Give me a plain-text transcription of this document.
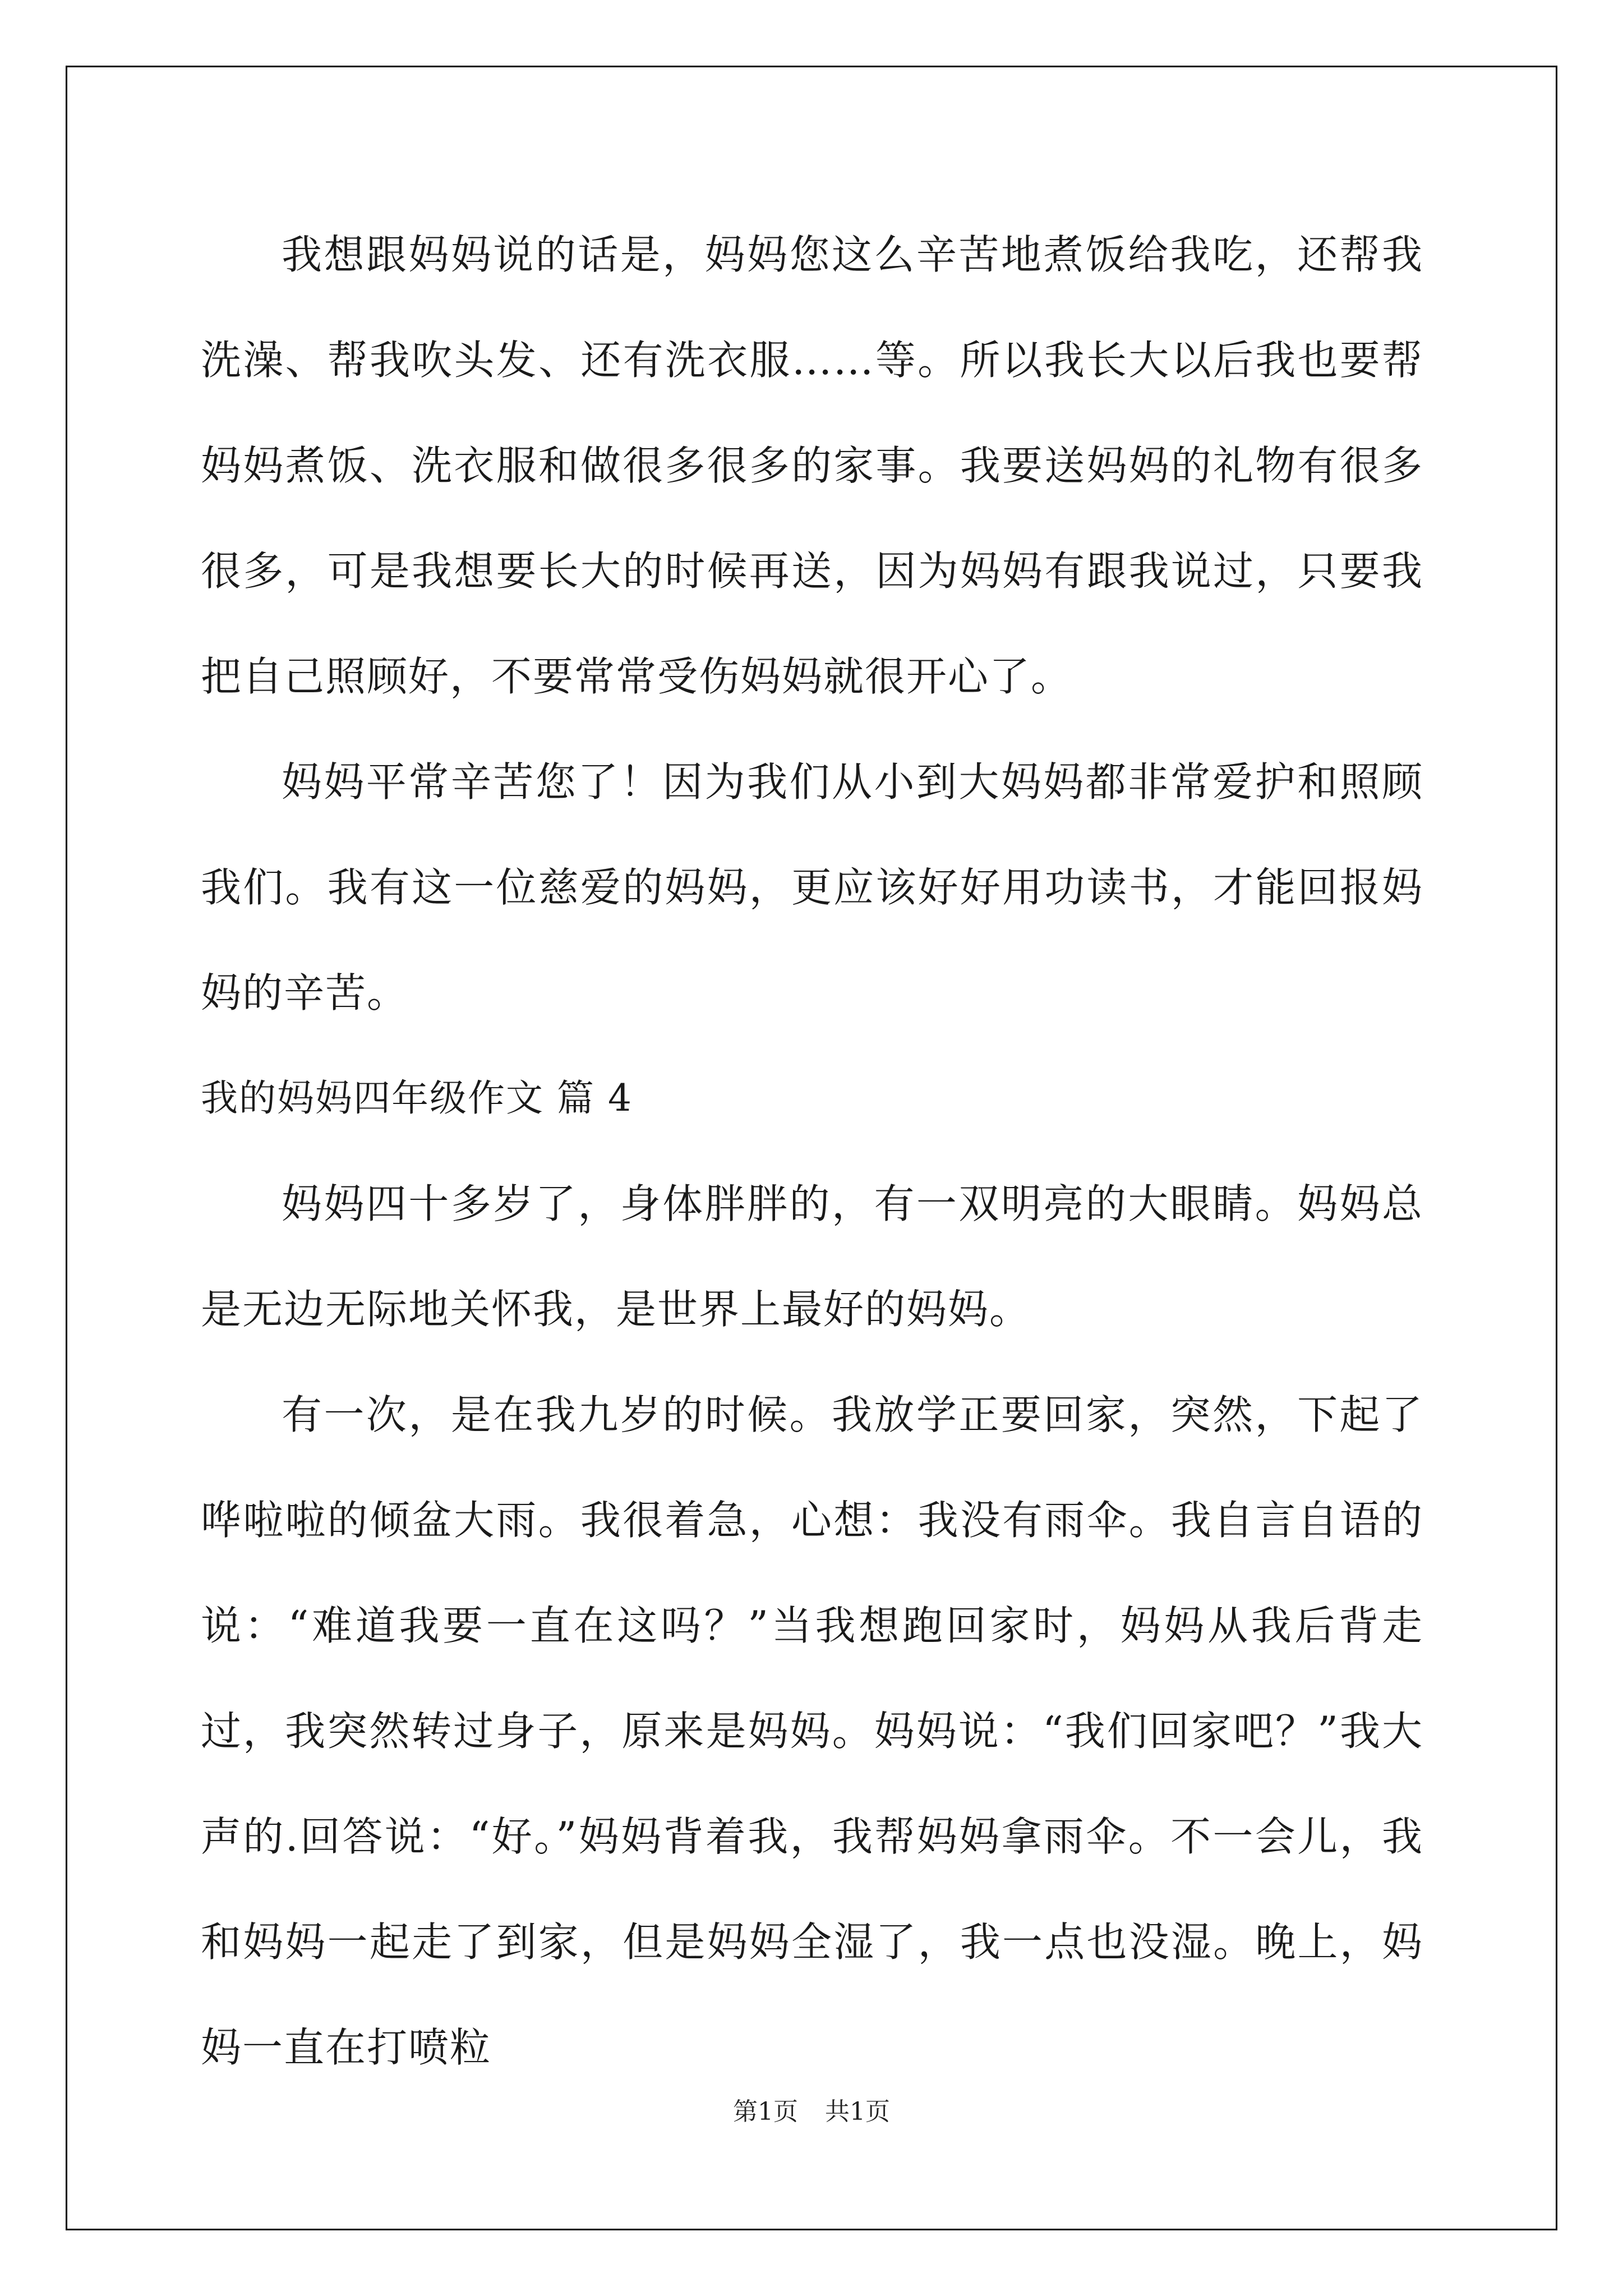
我想跟妈妈说的话是，妈妈您这么辛苦地煮饭给我吃，还帮我洗澡、帮我吹头发、还有洗衣服……等。所以我长大以后我也要帮妈妈煮饭、洗衣服和做很多很多的家事。我要送妈妈的礼物有很多很多，可是我想要长大的时候再送，因为妈妈有跟我说过，只要我把自己照顾好，不要常常受伤妈妈就很开心了。

妈妈平常辛苦您了！因为我们从小到大妈妈都非常爱护和照顾我们。我有这一位慈爱的妈妈，更应该好好用功读书，才能回报妈妈的辛苦。

我的妈妈四年级作文 篇 4

妈妈四十多岁了，身体胖胖的，有一双明亮的大眼睛。妈妈总是无边无际地关怀我，是世界上最好的妈妈。

有一次，是在我九岁的时候。我放学正要回家，突然，下起了哗啦啦的倾盆大雨。我很着急，心想：我没有雨伞。我自言自语的说：“难道我要一直在这吗？”当我想跑回家时，妈妈从我后背走过，我突然转过身子，原来是妈妈。妈妈说：“我们回家吧？”我大声的.回答说：“好。”妈妈背着我，我帮妈妈拿雨伞。不一会儿，我和妈妈一起走了到家，但是妈妈全湿了，我一点也没湿。晚上，妈妈一直在打喷粒

第1页 共1页
